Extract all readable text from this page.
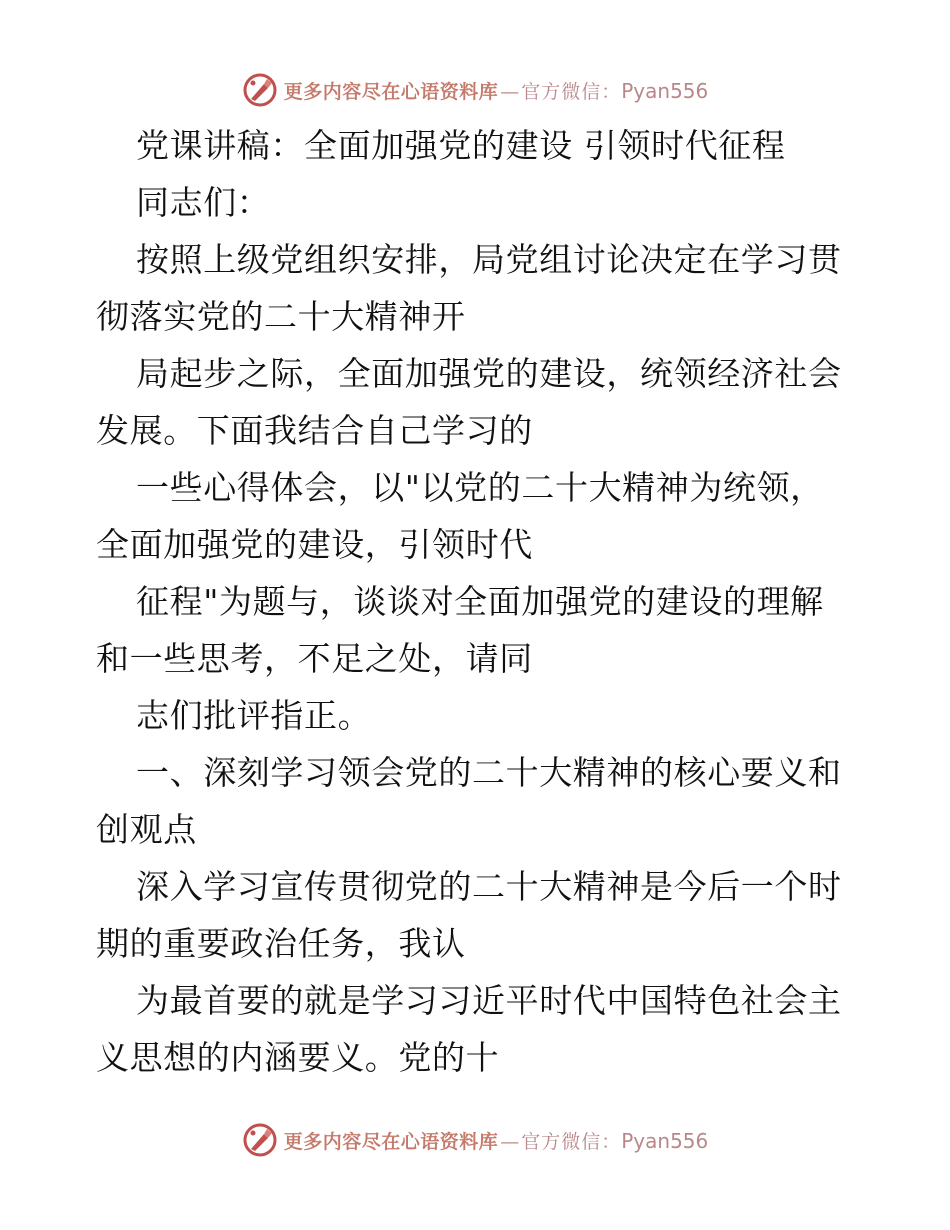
更多内容尽在心语资料库 — 官方微信： Pyan556
党课讲稿：全面加强党的建设 引领时代征程
同志们：
按照上级党组织安排，局党组讨论决定在学习贯
彻落实党的二十大精神开
局起步之际，全面加强党的建设，统领经济社会
发展。下面我结合自己学习的
一些心得体会，以"以党的二十大精神为统领，
全面加强党的建设，引领时代
征程"为题与，谈谈对全面加强党的建设的理解
和一些思考，不足之处，请同
志们批评指正。
一、深刻学习领会党的二十大精神的核心要义和
创观点
深入学习宣传贯彻党的二十大精神是今后一个时
期的重要政治任务，我认
为最首要的就是学习习近平时代中国特色社会主
义思想的内涵要义。党的十
更多内容尽在心语资料库 — 官方微信： Pyan556
